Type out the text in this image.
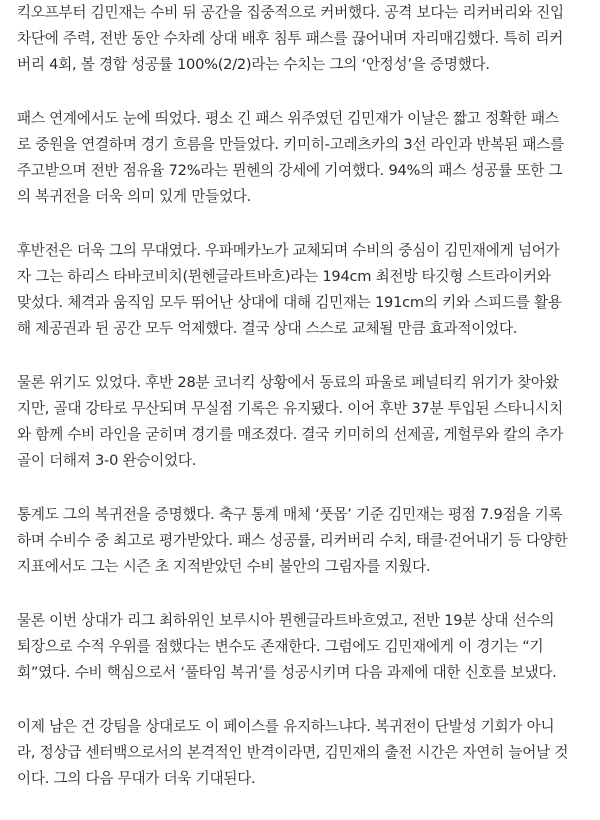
킥오프부터 김민재는 수비 뒤 공간을 집중적으로 커버했다. 공격 보다는 리커버리와 진입
차단에 주력, 전반 동안 수차례 상대 배후 침투 패스를 끊어내며 자리매김했다. 특히 리커
버리 4회, 볼 경합 성공률 100%(2/2)라는 수치는 그의 ‘안정성’을 증명했다.

패스 연계에서도 눈에 띄었다. 평소 긴 패스 위주였던 김민재가 이날은 짧고 정확한 패스
로 중원을 연결하며 경기 흐름을 만들었다. 키미히-고레츠카의 3선 라인과 반복된 패스를
주고받으며 전반 점유율 72%라는 뮌헨의 강세에 기여했다. 94%의 패스 성공률 또한 그
의 복귀전을 더욱 의미 있게 만들었다.

후반전은 더욱 그의 무대였다. 우파메카노가 교체되며 수비의 중심이 김민재에게 넘어가
자 그는 하리스 타바코비치(뮌헨글라트바흐)라는 194cm 최전방 타깃형 스트라이커와
맞섰다. 체격과 움직임 모두 뛰어난 상대에 대해 김민재는 191cm의 키와 스피드를 활용
해 제공권과 뒨 공간 모두 억제했다. 결국 상대 스스로 교체될 만큼 효과적이었다.

물론 위기도 있었다. 후반 28분 코너킥 상황에서 동료의 파울로 페널티킥 위기가 찾아왔
지만, 골대 강타로 무산되며 무실점 기록은 유지됐다. 이어 후반 37분 투입된 스타니시치
와 함께 수비 라인을 굳히며 경기를 매조졌다. 결국 키미히의 선제골, 게헐루와 칼의 추가
골이 더해져 3-0 완승이었다.

통계도 그의 복귀전을 증명했다. 축구 통계 매체 ‘풋몹’ 기준 김민재는 평점 7.9점을 기록
하며 수비수 중 최고로 평가받았다. 패스 성공률, 리커버리 수치, 태클·걷어내기 등 다양한
지표에서도 그는 시즌 초 지적받았던 수비 불안의 그림자를 지웠다.

물론 이번 상대가 리그 최하위인 보루시아 뮌헨글라트바흐였고, 전반 19분 상대 선수의
퇴장으로 수적 우위를 점했다는 변수도 존재한다. 그럼에도 김민재에게 이 경기는 “기
회”였다. 수비 핵심으로서 ‘풀타임 복귀’를 성공시키며 다음 과제에 대한 신호를 보냈다.

이제 남은 건 강팀을 상대로도 이 페이스를 유지하느냐다. 복귀전이 단발성 기회가 아니
라, 정상급 센터백으로서의 본격적인 반격이라면, 김민재의 출전 시간은 자연히 늘어날 것
이다. 그의 다음 무대가 더욱 기대된다.
